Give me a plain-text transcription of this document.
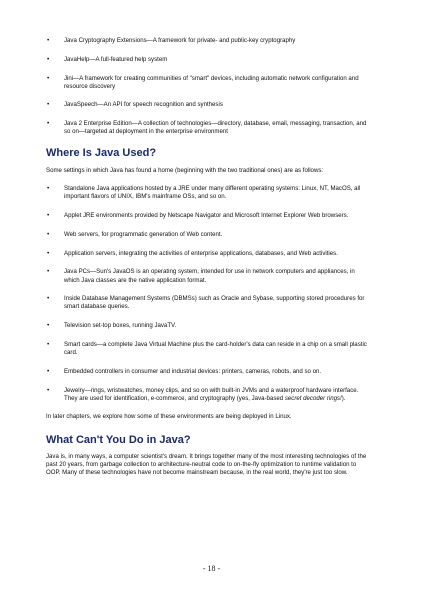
• Java Cryptography Extensions—A framework for private- and public-key cryptography
• JavaHelp—A full-featured help system
• Jini—A framework for creating communities of "smart" devices, including automatic network configuration and resource discovery
• JavaSpeech—An API for speech recognition and synthesis
• Java 2 Enterprise Edition—A collection of technologies—directory, database, email, messaging, transaction, and so on—targeted at deployment in the enterprise environment
Where Is Java Used?

Some settings in which Java has found a home (beginning with the two traditional ones) are as follows:

• Standalone Java applications hosted by a JRE under many different operating systems: Linux, NT, MacOS, all important flavors of UNIX, IBM's mainframe OSs, and so on.
• Applet JRE environments provided by Netscape Navigator and Microsoft Internet Explorer Web browsers.
• Web servers, for programmatic generation of Web content.
• Application servers, integrating the activities of enterprise applications, databases, and Web activities.
• Java PCs—Sun's JavaOS is an operating system, intended for use in network computers and appliances, in which Java classes are the native application format.
• Inside Database Management Systems (DBMSs) such as Oracle and Sybase, supporting stored procedures for smart database queries.
• Television set-top boxes, running JavaTV.
• Smart cards—a complete Java Virtual Machine plus the card-holder's data can reside in a chip on a small plastic card.
• Embedded controllers in consumer and industrial devices: printers, cameras, robots, and so on.
• Jewelry—rings, wristwatches, money clips, and so on with built-in JVMs and a waterproof hardware interface. They are used for identification, e-commerce, and cryptography (yes, Java-based secret decoder rings!).

In later chapters, we explore how some of these environments are being deployed in Linux.

What Can't You Do in Java?

Java is, in many ways, a computer scientist's dream. It brings together many of the most interesting technologies of the past 20 years, from garbage collection to architecture-neutral code to on-the-fly optimization to runtime validation to OOP. Many of these technologies have not become mainstream because, in the real world, they're just too slow.

- 18 -
